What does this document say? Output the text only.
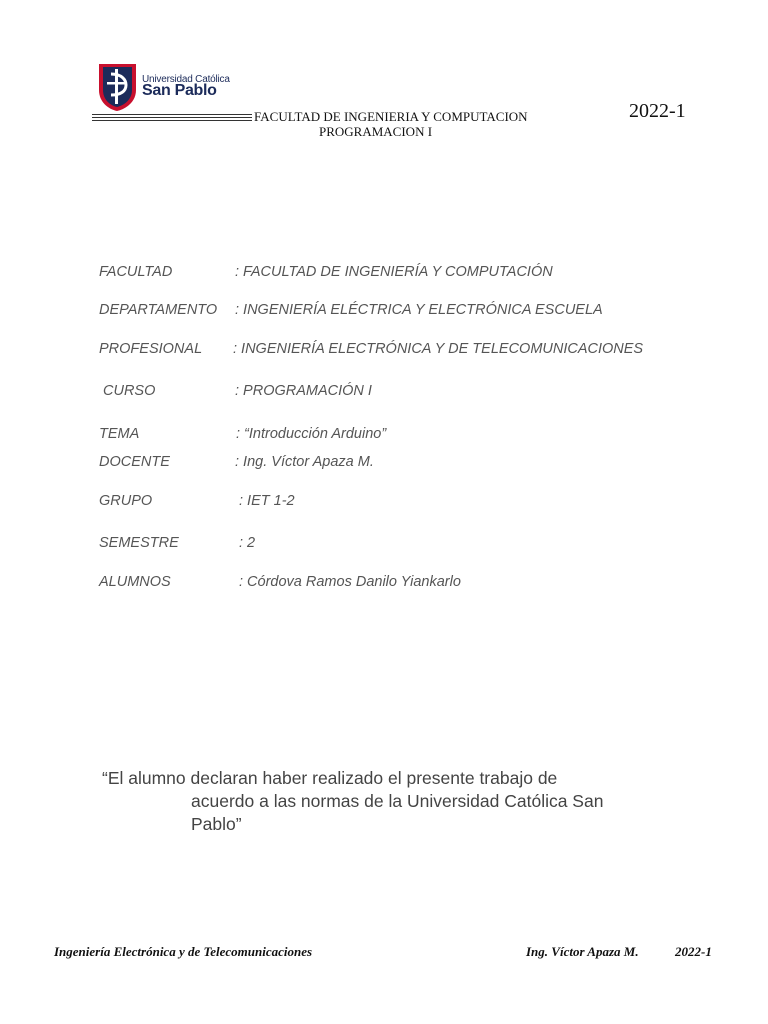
Universidad Católica
San Pablo
FACULTAD DE INGENIERIA Y COMPUTACION
PROGRAMACION I
2022-1
FACULTAD	: FACULTAD DE INGENIERÍA Y COMPUTACIÓN
DEPARTAMENTO : INGENIERÍA ELÉCTRICA Y ELECTRÓNICA ESCUELA
PROFESIONAL : INGENIERÍA ELECTRÓNICA Y DE TELECOMUNICACIONES
CURSO	: PROGRAMACIÓN I
TEMA	: “Introducción Arduino”
DOCENTE	: Ing. Víctor Apaza M.
GRUPO	: IET 1-2
SEMESTRE	: 2
ALUMNOS	: Córdova Ramos Danilo Yiankarlo
“El alumno declaran haber realizado el presente trabajo de
acuerdo a las normas de la Universidad Católica San
Pablo”
Ingeniería Electrónica y de Telecomunicaciones	Ing. Víctor Apaza M.	2022-1
